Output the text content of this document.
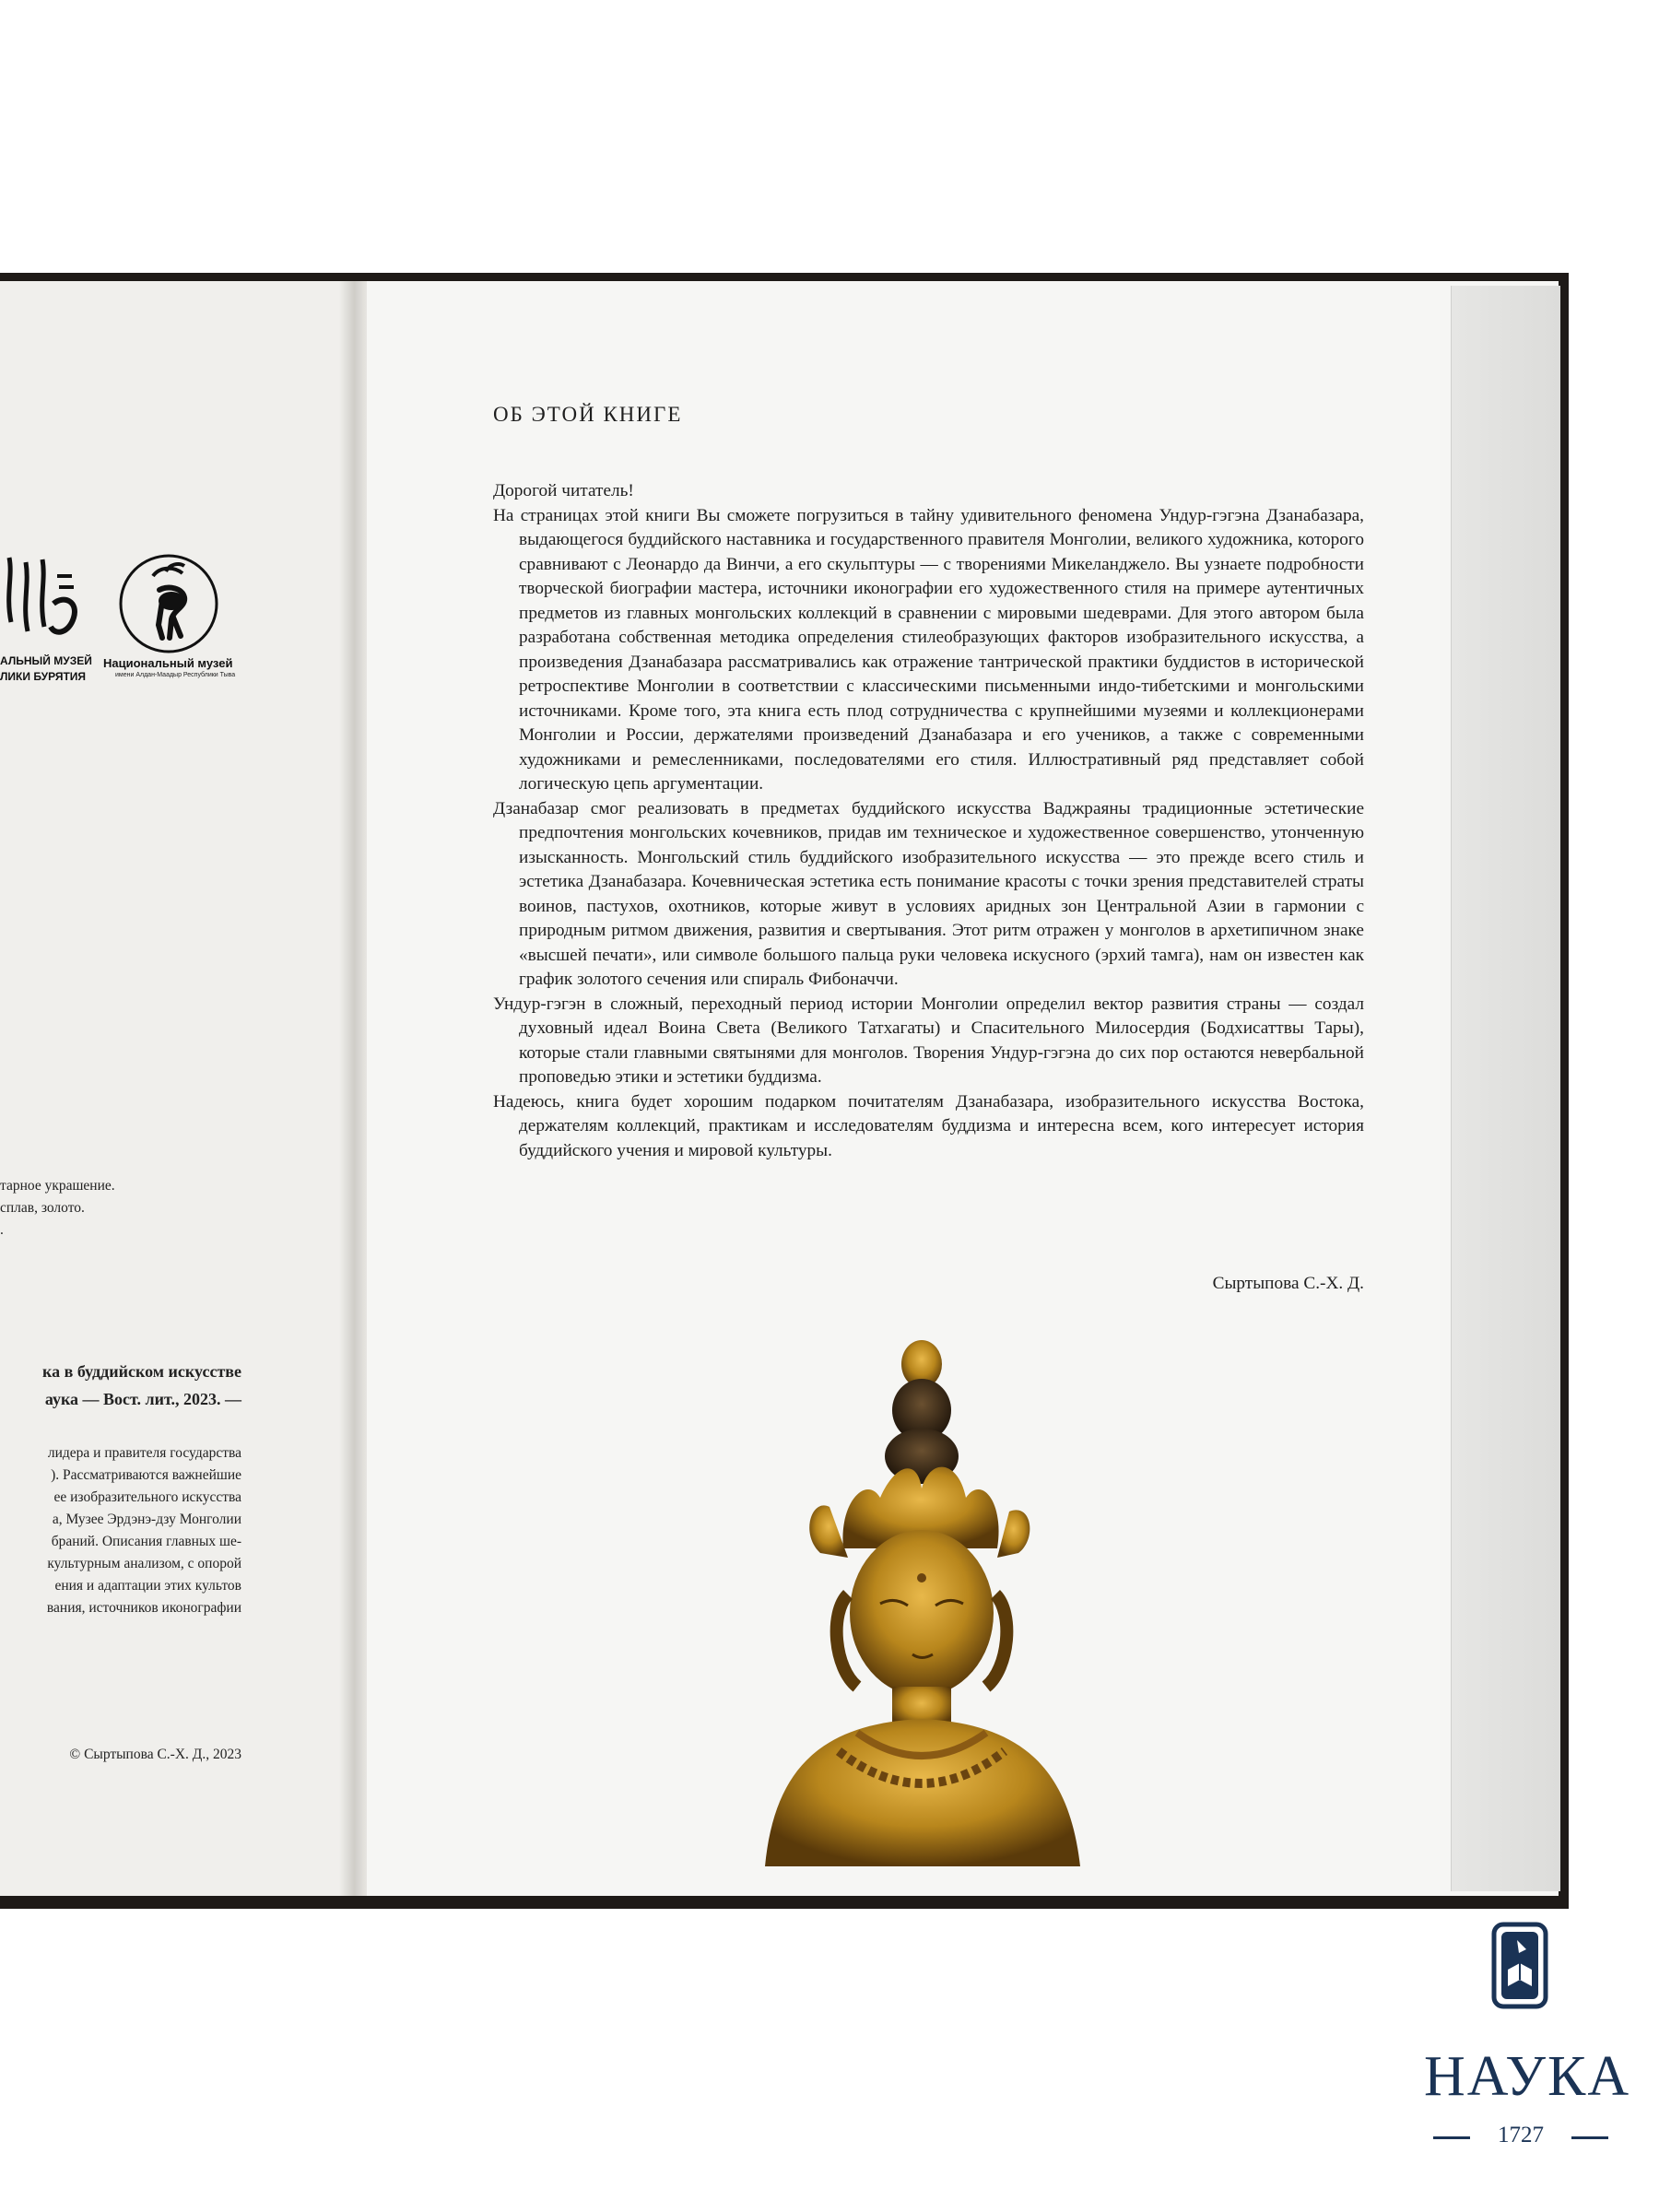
АЛЬНЫЙ МУЗЕЙ
ЛИКИ БУРЯТИЯ
Национальный музей
имени Алдан-Маадыр Республики Тыва
тарное украшение.
сплав, золото.
.
ка в буддийском искусстве
аука — Вост. лит., 2023. —
лидера и правителя государства
). Рассматриваются важнейшие
ее изобразительного искусства
а, Музее Эрдэнэ-дзу Монголии
браний. Описания главных ше-
культурным анализом, с опорой
ения и адаптации этих культов
вания, источников иконографии
© Сыртыпова С.-Х. Д., 2023
ОБ ЭТОЙ КНИГЕ

Дорогой читатель!

На страницах этой книги Вы сможете погрузиться в тайну удивительного феномена Ундур-гэгэна Дзанабазара, выдающегося буддийского наставника и государственного правителя Монголии, великого художника, которого сравнивают с Леонардо да Винчи, а его скульптуры — с творениями Микеланджело. Вы узнаете подробности творческой биографии мастера, источники иконографии его художественного стиля на примере аутентичных предметов из главных монгольских коллекций в сравнении с мировыми шедеврами. Для этого автором была разработана собственная методика определения стилеобразующих факторов изобразительного искусства, а произведения Дзанабазара рассматривались как отражение тантрической практики буддистов в исторической ретроспективе Монголии в соответствии с классическими письменными индо-тибетскими и монгольскими источниками. Кроме того, эта книга есть плод сотрудничества с крупнейшими музеями и коллекционерами Монголии и России, держателями произведений Дзанабазара и его учеников, а также с современными художниками и ремесленниками, последователями его стиля. Иллюстративный ряд представляет собой логическую цепь аргументации.

Дзанабазар смог реализовать в предметах буддийского искусства Ваджраяны традиционные эстетические предпочтения монгольских кочевников, придав им техническое и художественное совершенство, утонченную изысканность. Монгольский стиль буддийского изобразительного искусства — это прежде всего стиль и эстетика Дзанабазара. Кочевническая эстетика есть понимание красоты с точки зрения представителей страты воинов, пастухов, охотников, которые живут в условиях аридных зон Центральной Азии в гармонии с природным ритмом движения, развития и свертывания. Этот ритм отражен у монголов в архетипичном знаке «высшей печати», или символе большого пальца руки человека искусного (эрхий тамга), нам он известен как график золотого сечения или спираль Фибоначчи.

Ундур-гэгэн в сложный, переходный период истории Монголии определил вектор развития страны — создал духовный идеал Воина Света (Великого Татхагаты) и Спасительного Милосердия (Бодхисаттвы Тары), которые стали главными святынями для монголов. Творения Ундур-гэгэна до сих пор остаются невербальной проповедью этики и эстетики буддизма.

Надеюсь, книга будет хорошим подарком почитателям Дзанабазара, изобразительного искусства Востока, держателям коллекций, практикам и исследователям буддизма и интересна всем, кого интересует история буддийского учения и мировой культуры.

Сыртыпова С.-Х. Д.
НАУКА
1727
